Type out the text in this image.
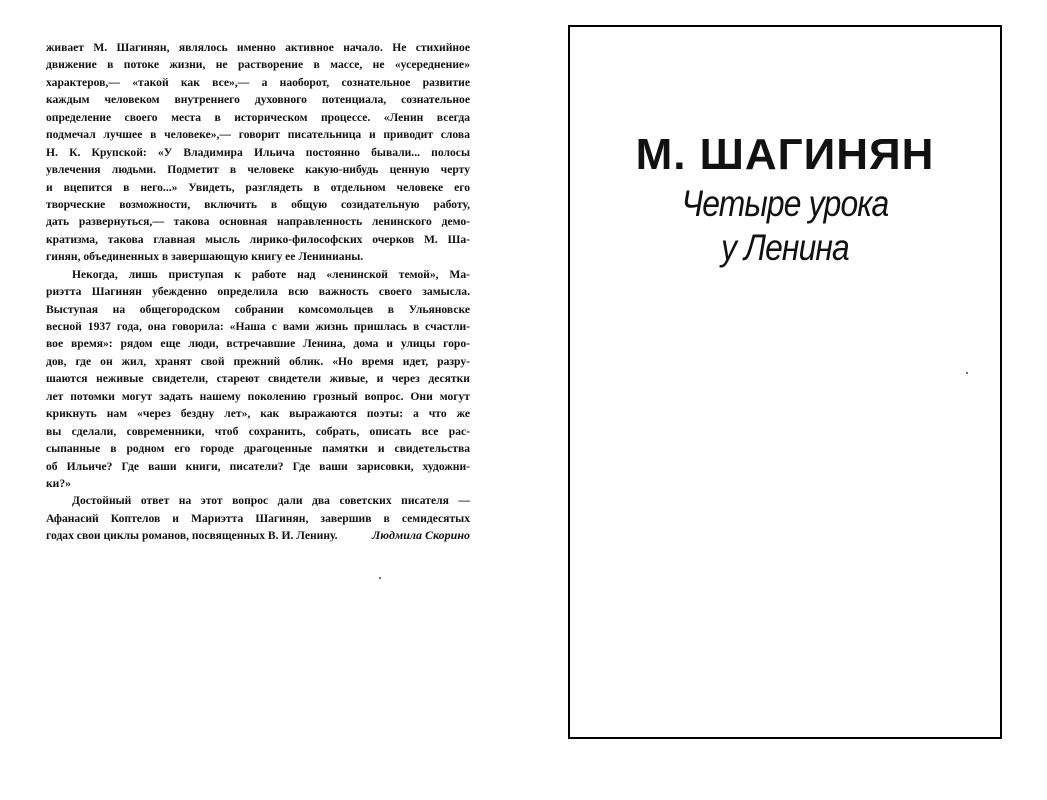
живает М. Шагинян, являлось именно активное начало. Не стихийное
движение в потоке жизни, не растворение в массе, не «усереднение»
характеров,— «такой как все»,— а наоборот, сознательное развитие
каждым человеком внутреннего духовного потенциала, сознательное
определение своего места в историческом процессе. «Ленин всегда
подмечал лучшее в человеке»,— говорит писательница и приводит слова
Н. К. Крупской: «У Владимира Ильича постоянно бывали... полосы
увлечения людьми. Подметит в человеке какую-нибудь ценную черту
и вцепится в него...» Увидеть, разглядеть в отдельном человеке его
творческие возможности, включить в общую созидательную работу,
дать развернуться,— такова основная направленность ленинского демо-
кратизма, такова главная мысль лирико-философских очерков М. Ша-
гинян, объединенных в завершающую книгу ее Ленинианы.
Некогда, лишь приступая к работе над «ленинской темой», Ма-
риэтта Шагинян убежденно определила всю важность своего замысла.
Выступая на общегородском собрании комсомольцев в Ульяновске
весной 1937 года, она говорила: «Наша с вами жизнь пришлась в счастли-
вое время»: рядом еще люди, встречавшие Ленина, дома и улицы горо-
дов, где он жил, хранят свой прежний облик. «Но время идет, разру-
шаются неживые свидетели, стареют свидетели живые, и через десятки
лет потомки могут задать нашему поколению грозный вопрос. Они могут
крикнуть нам «через бездну лет», как выражаются поэты: а что же
вы сделали, современники, чтоб сохранить, собрать, описать все рас-
сыпанные в родном его городе драгоценные памятки и свидетельства
об Ильиче? Где ваши книги, писатели? Где ваши зарисовки, художни-
ки?»
Достойный ответ на этот вопрос дали два советских писателя —
Афанасий Коптелов и Мариэтта Шагинян, завершив в семидесятых
годах свои циклы романов, посвященных В. И. Ленину.	Людмила Скорино
М. ШАГИНЯН
Четыре урока
у Ленина
